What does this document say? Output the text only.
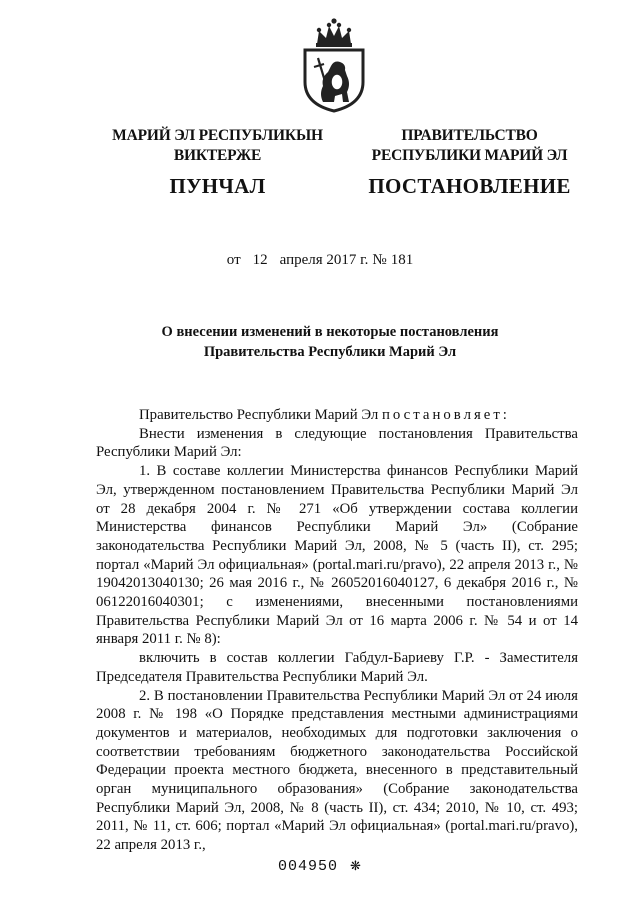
МАРИЙ ЭЛ РЕСПУБЛИКЫН
ВИКТЕРЖЕ
ПУНЧАЛ
ПРАВИТЕЛЬСТВО
РЕСПУБЛИКИ МАРИЙ ЭЛ
ПОСТАНОВЛЕНИЕ
от 12 апреля 2017 г. № 181
О внесении изменений в некоторые постановления
Правительства Республики Марий Эл

Правительство Республики Марий Эл постановляет:

Внести изменения в следующие постановления Правительства Республики Марий Эл:

1. В составе коллегии Министерства финансов Республики Марий Эл, утвержденном постановлением Правительства Республики Марий Эл от 28 декабря 2004 г. № 271 «Об утверждении состава коллегии Министерства финансов Республики Марий Эл» (Собрание законодательства Республики Марий Эл, 2008, № 5 (часть II), ст. 295; портал «Марий Эл официальная» (portal.mari.ru/pravo), 22 апреля 2013 г., № 19042013040130; 26 мая 2016 г., № 26052016040127, 6 декабря 2016 г., № 06122016040301; с изменениями, внесенными постановлениями Правительства Республики Марий Эл от 16 марта 2006 г. № 54 и от 14 января 2011 г. № 8):

включить в состав коллегии Габдул-Бариеву Г.Р. - Заместителя Председателя Правительства Республики Марий Эл.

2. В постановлении Правительства Республики Марий Эл от 24 июля 2008 г. № 198 «О Порядке представления местными администрациями документов и материалов, необходимых для подготовки заключения о соответствии требованиям бюджетного законодательства Российской Федерации проекта местного бюджета, внесенного в представительный орган муниципального образования» (Собрание законодательства Республики Марий Эл, 2008, № 8 (часть II), ст. 434; 2010, № 10, ст. 493; 2011, № 11, ст. 606; портал «Марий Эл официальная» (portal.mari.ru/pravo), 22 апреля 2013 г.,

004950 ❋
